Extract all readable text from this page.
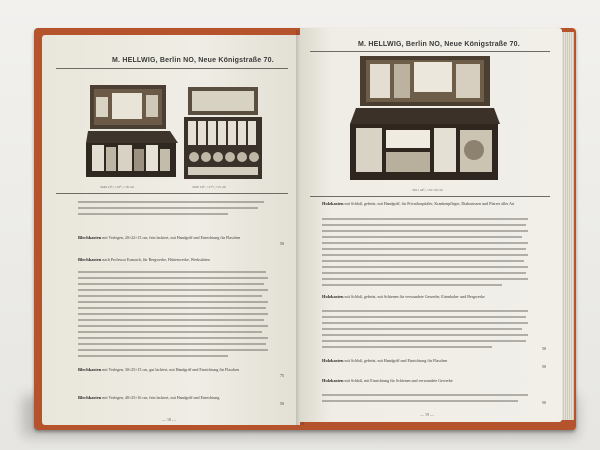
M. HELLWIG, Berlin NO, Neue Königstraße 70.
3449 19¹/₂×16¹/₂×16 cm	3450 19¹/₂×17¹/₂×15 cm
Blechkasten mit Vorlegen, 20×22×15 cm, fein lackiert, mit Handgriff und Einrichtung für Flaschen
50
Blechkasten nach Professor Esmarch, für Bergwerke, Hüttenwerke, Werkstätten
Blechkasten mit Vorlegen, 30×25×15 cm, gut lackiert, mit Handgriff und Einrichtung für Flaschen
75
Blechkasten mit Vorlegen, 40×25×16 cm, fein lackiert, mit Handgriff und Einrichtung
50
— 18 —
M. HELLWIG, Berlin NO, Neue Königstraße 70.
3451 44¹/₂×32×20 cm
Holzkasten mit Schloß, gebeizt, mit Handgriff, für Privathospitäler, Krankenpfleger, Diakonissen und Pfarrer aller Art
Holzkasten mit Schloß, gebeizt, mit Schienen für verwundete Gewerbe, Eisenbahn- und Bergwerke
50
Holzkasten mit Schloß, gebeizt, mit Handgriff und Einrichtung für Flaschen
50
Holzkasten mit Schloß, mit Einrichtung für Schienen und verwundete Gewerbe
50
— 19 —
